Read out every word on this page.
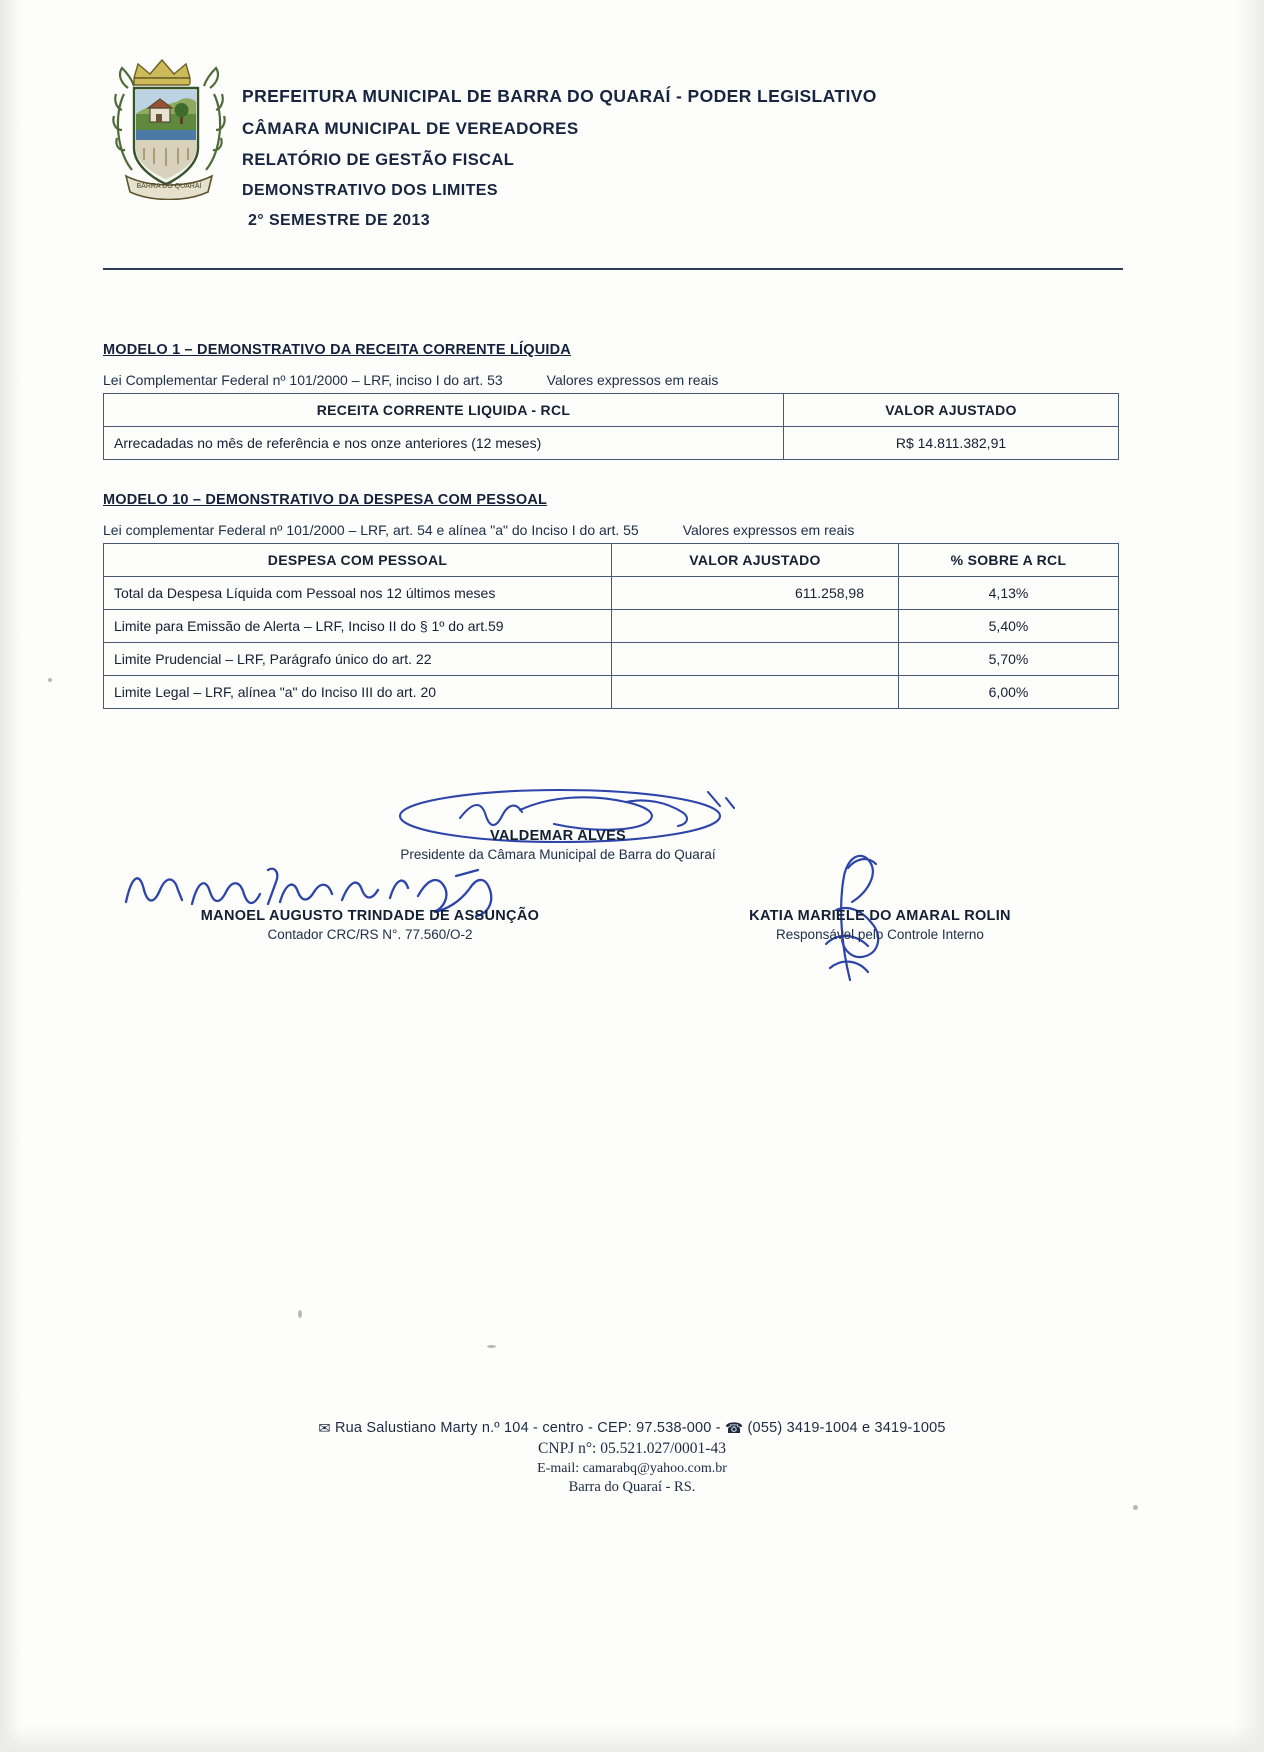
BARRA DO QUARAÍ
PREFEITURA MUNICIPAL DE BARRA DO QUARAÍ - PODER LEGISLATIVO
CÂMARA MUNICIPAL DE VEREADORES
RELATÓRIO DE GESTÃO FISCAL
DEMONSTRATIVO DOS LIMITES
2° SEMESTRE DE 2013
MODELO 1 – DEMONSTRATIVO DA RECEITA CORRENTE LÍQUIDA
Lei Complementar Federal nº 101/2000 – LRF, inciso I do art. 53	Valores expressos em reais
RECEITA CORRENTE LIQUIDA - RCL	VALOR AJUSTADO
Arrecadadas no mês de referência e nos onze anteriores (12 meses)	R$ 14.811.382,91
MODELO 10 – DEMONSTRATIVO DA DESPESA COM PESSOAL
Lei complementar Federal nº 101/2000 – LRF, art. 54 e alínea "a" do Inciso I do art. 55	Valores expressos em reais
DESPESA COM PESSOAL	VALOR AJUSTADO	% SOBRE A RCL
Total da Despesa Líquida com Pessoal nos 12 últimos meses	611.258,98	4,13%
Limite para Emissão de Alerta – LRF, Inciso II do § 1º do art.59		5,40%
Limite Prudencial – LRF, Parágrafo único do art. 22		5,70%
Limite Legal – LRF, alínea "a" do Inciso III do art. 20		6,00%
VALDEMAR ALVES
Presidente da Câmara Municipal de Barra do Quaraí
MANOEL AUGUSTO TRINDADE DE ASSUNÇÃO
Contador CRC/RS N°. 77.560/O-2
KATIA MARIELE DO AMARAL ROLIN
Responsável pelo Controle Interno
✉ Rua Salustiano Marty n.º 104 - centro - CEP: 97.538-000 - ☎ (055) 3419-1004 e 3419-1005
CNPJ n°: 05.521.027/0001-43
E-mail: camarabq@yahoo.com.br
Barra do Quaraí - RS.
